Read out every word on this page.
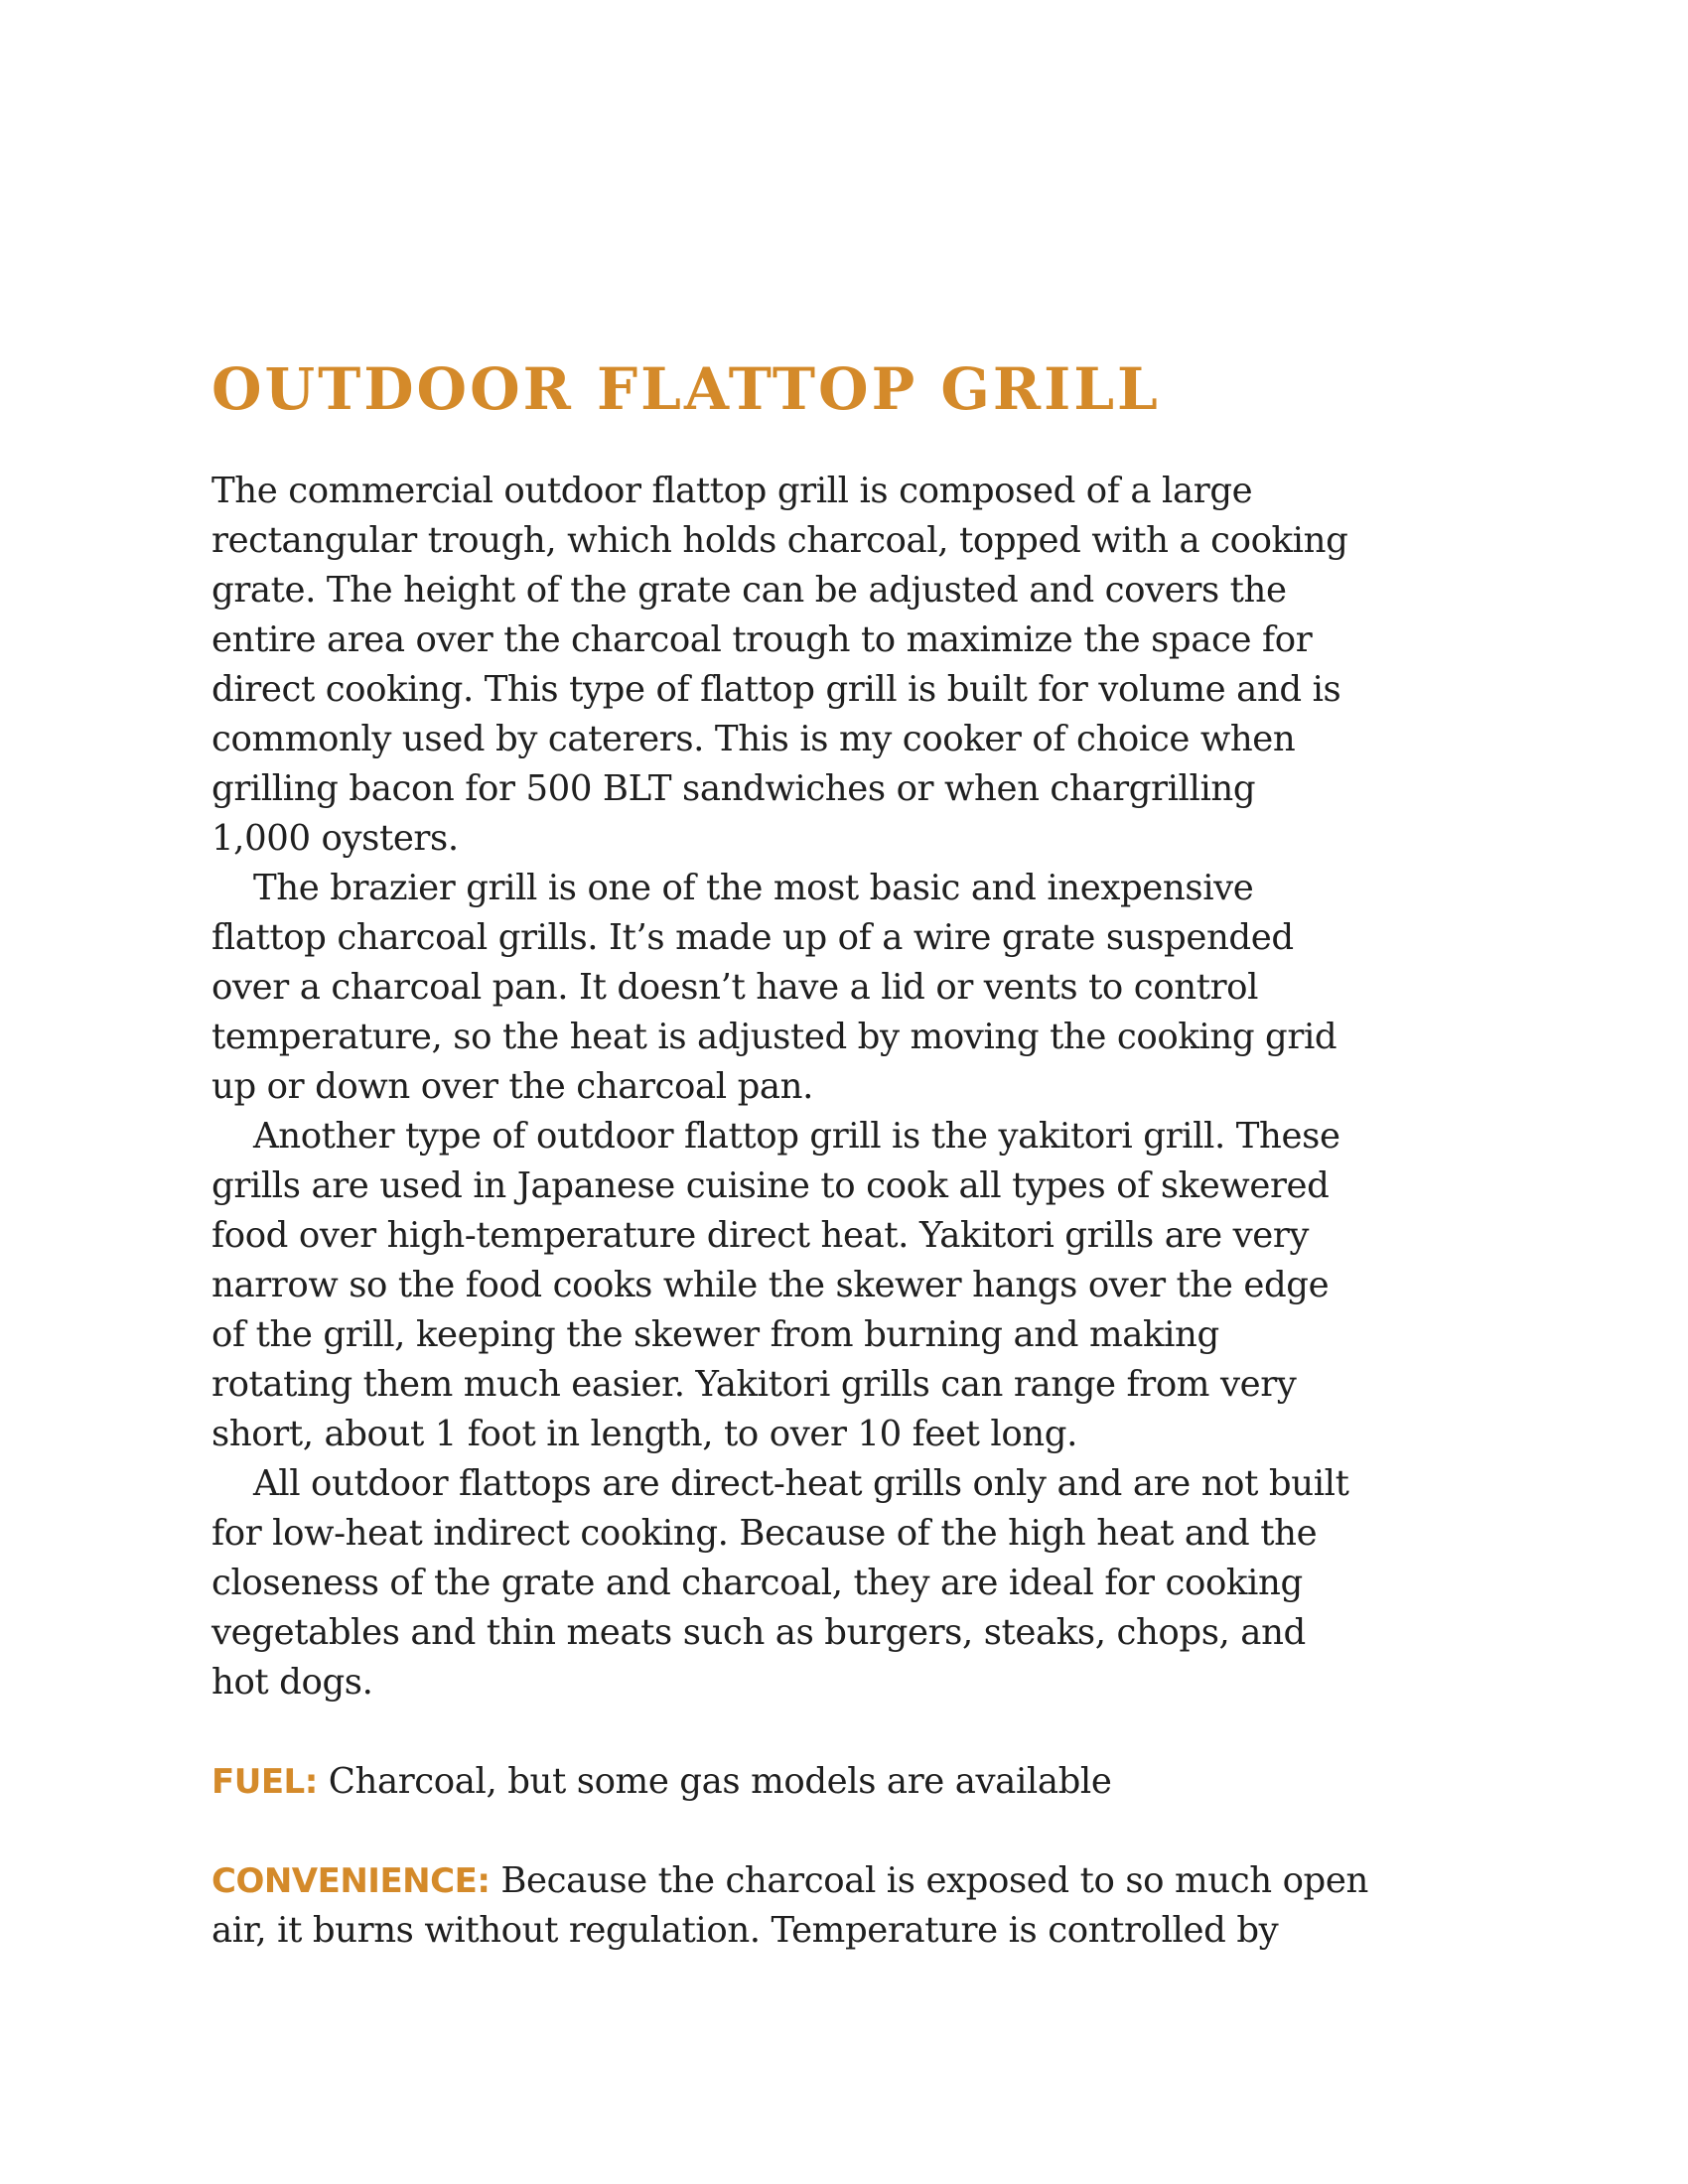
OUTDOOR FLATTOP GRILL

The commercial outdoor flattop grill is composed of a large
rectangular trough, which holds charcoal, topped with a cooking
grate. The height of the grate can be adjusted and covers the
entire area over the charcoal trough to maximize the space for
direct cooking. This type of flattop grill is built for volume and is
commonly used by caterers. This is my cooker of choice when
grilling bacon for 500 BLT sandwiches or when chargrilling
1,000 oysters.

The brazier grill is one of the most basic and inexpensive
flattop charcoal grills. It’s made up of a wire grate suspended
over a charcoal pan. It doesn’t have a lid or vents to control
temperature, so the heat is adjusted by moving the cooking grid
up or down over the charcoal pan.

Another type of outdoor flattop grill is the yakitori grill. These
grills are used in Japanese cuisine to cook all types of skewered
food over high-temperature direct heat. Yakitori grills are very
narrow so the food cooks while the skewer hangs over the edge
of the grill, keeping the skewer from burning and making
rotating them much easier. Yakitori grills can range from very
short, about 1 foot in length, to over 10 feet long.

All outdoor flattops are direct-heat grills only and are not built
for low-heat indirect cooking. Because of the high heat and the
closeness of the grate and charcoal, they are ideal for cooking
vegetables and thin meats such as burgers, steaks, chops, and
hot dogs.

FUEL: Charcoal, but some gas models are available

CONVENIENCE: Because the charcoal is exposed to so much open
air, it burns without regulation. Temperature is controlled by
